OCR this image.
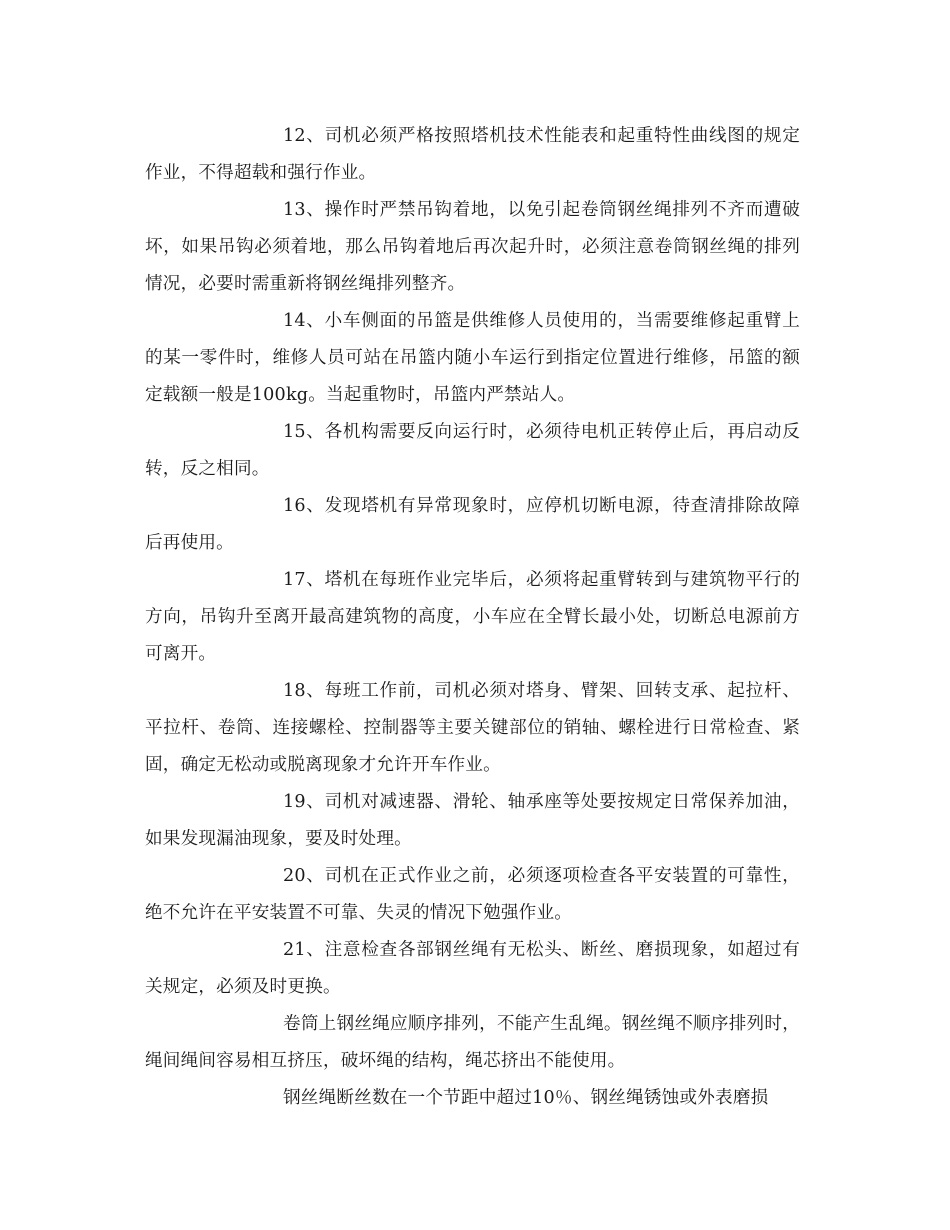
12、司机必须严格按照塔机技术性能表和起重特性曲线图的规定作业，不得超载和强行作业。

13、操作时严禁吊钩着地，以免引起卷筒钢丝绳排列不齐而遭破坏，如果吊钩必须着地，那么吊钩着地后再次起升时，必须注意卷筒钢丝绳的排列情况，必要时需重新将钢丝绳排列整齐。

14、小车侧面的吊篮是供维修人员使用的，当需要维修起重臂上的某一零件时，维修人员可站在吊篮内随小车运行到指定位置进行维修，吊篮的额定载额一般是100kg。当起重物时，吊篮内严禁站人。

15、各机构需要反向运行时，必须待电机正转停止后，再启动反转，反之相同。

16、发现塔机有异常现象时，应停机切断电源，待查清排除故障后再使用。

17、塔机在每班作业完毕后，必须将起重臂转到与建筑物平行的方向，吊钩升至离开最高建筑物的高度，小车应在全臂长最小处，切断总电源前方可离开。

18、每班工作前，司机必须对塔身、臂架、回转支承、起拉杆、平拉杆、卷筒、连接螺栓、控制器等主要关键部位的销轴、螺栓进行日常检查、紧固，确定无松动或脱离现象才允许开车作业。

19、司机对减速器、滑轮、轴承座等处要按规定日常保养加油，如果发现漏油现象，要及时处理。

20、司机在正式作业之前，必须逐项检查各平安装置的可靠性，绝不允许在平安装置不可靠、失灵的情况下勉强作业。

21、注意检查各部钢丝绳有无松头、断丝、磨损现象，如超过有关规定，必须及时更换。

卷筒上钢丝绳应顺序排列，不能产生乱绳。钢丝绳不顺序排列时，绳间绳间容易相互挤压，破坏绳的结构，绳芯挤出不能使用。

钢丝绳断丝数在一个节距中超过10％、钢丝绳锈蚀或外表磨损
